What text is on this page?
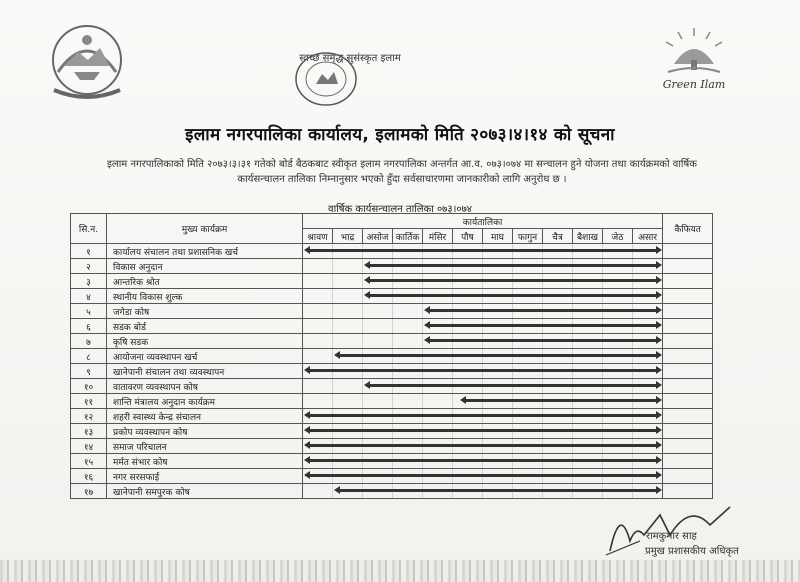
स्वच्छ समृद्ध सुसंस्कृत इलाम
Green Ilam
इलाम नगरपालिका कार्यालय, इलामको मिति २०७३।४।१४ को सूचना
इलाम नगरपालिकाको मिति २०७३।३।३१ गतेको बोर्ड बैठकबाट स्वीकृत इलाम नगरपालिका अन्तर्गत आ.व. ०७३।०७४ मा सन्चालन हुने योजना तथा कार्यक्रमको वार्षिक कार्यसन्चालन तालिका निम्नानुसार भएको हुँदा सर्वसाधारणमा जानकारीको लागि अनुरोध छ ।
वार्षिक कार्यसन्चालन तालिका ०७३।०७४
सि.न.	मुख्य कार्यक्रम	कार्यतालिका												कैफियत
		श्रावण	भाद्र	असोज	कार्तिक	मंसिर	पौष	माघ	फागुन	चैत्र	बैशाख	जेठ	असार	
१	कार्यालय संचालन तथा प्रशासनिक खर्च												

२	विकास अनुदान												

३	आन्तरिक श्रोत												

४	स्थानीय विकास शुल्क												

५	जगेडा कोष												

६	सडक बोर्ड												

७	कृषि सडक												

८	आयोजना व्यवस्थापन खर्च												

९	खानेपानी संचालन तथा व्यवस्थापन												

१०	वातावरण व्यवस्थापन कोष												

११	शान्ति मंत्रालय अनुदान कार्यक्रम												

१२	शहरी स्वास्थ्य केन्द्र संचालन												

१३	प्रकोप व्यवस्थापन कोष												

१४	समाज परिचालन												

१५	मर्मत संभार कोष												

१६	नगर सरसफाई												

१७	खानेपानी समपुरक कोष												

रामकुमार साह
प्रमुख प्रशासकीय अधिकृत
